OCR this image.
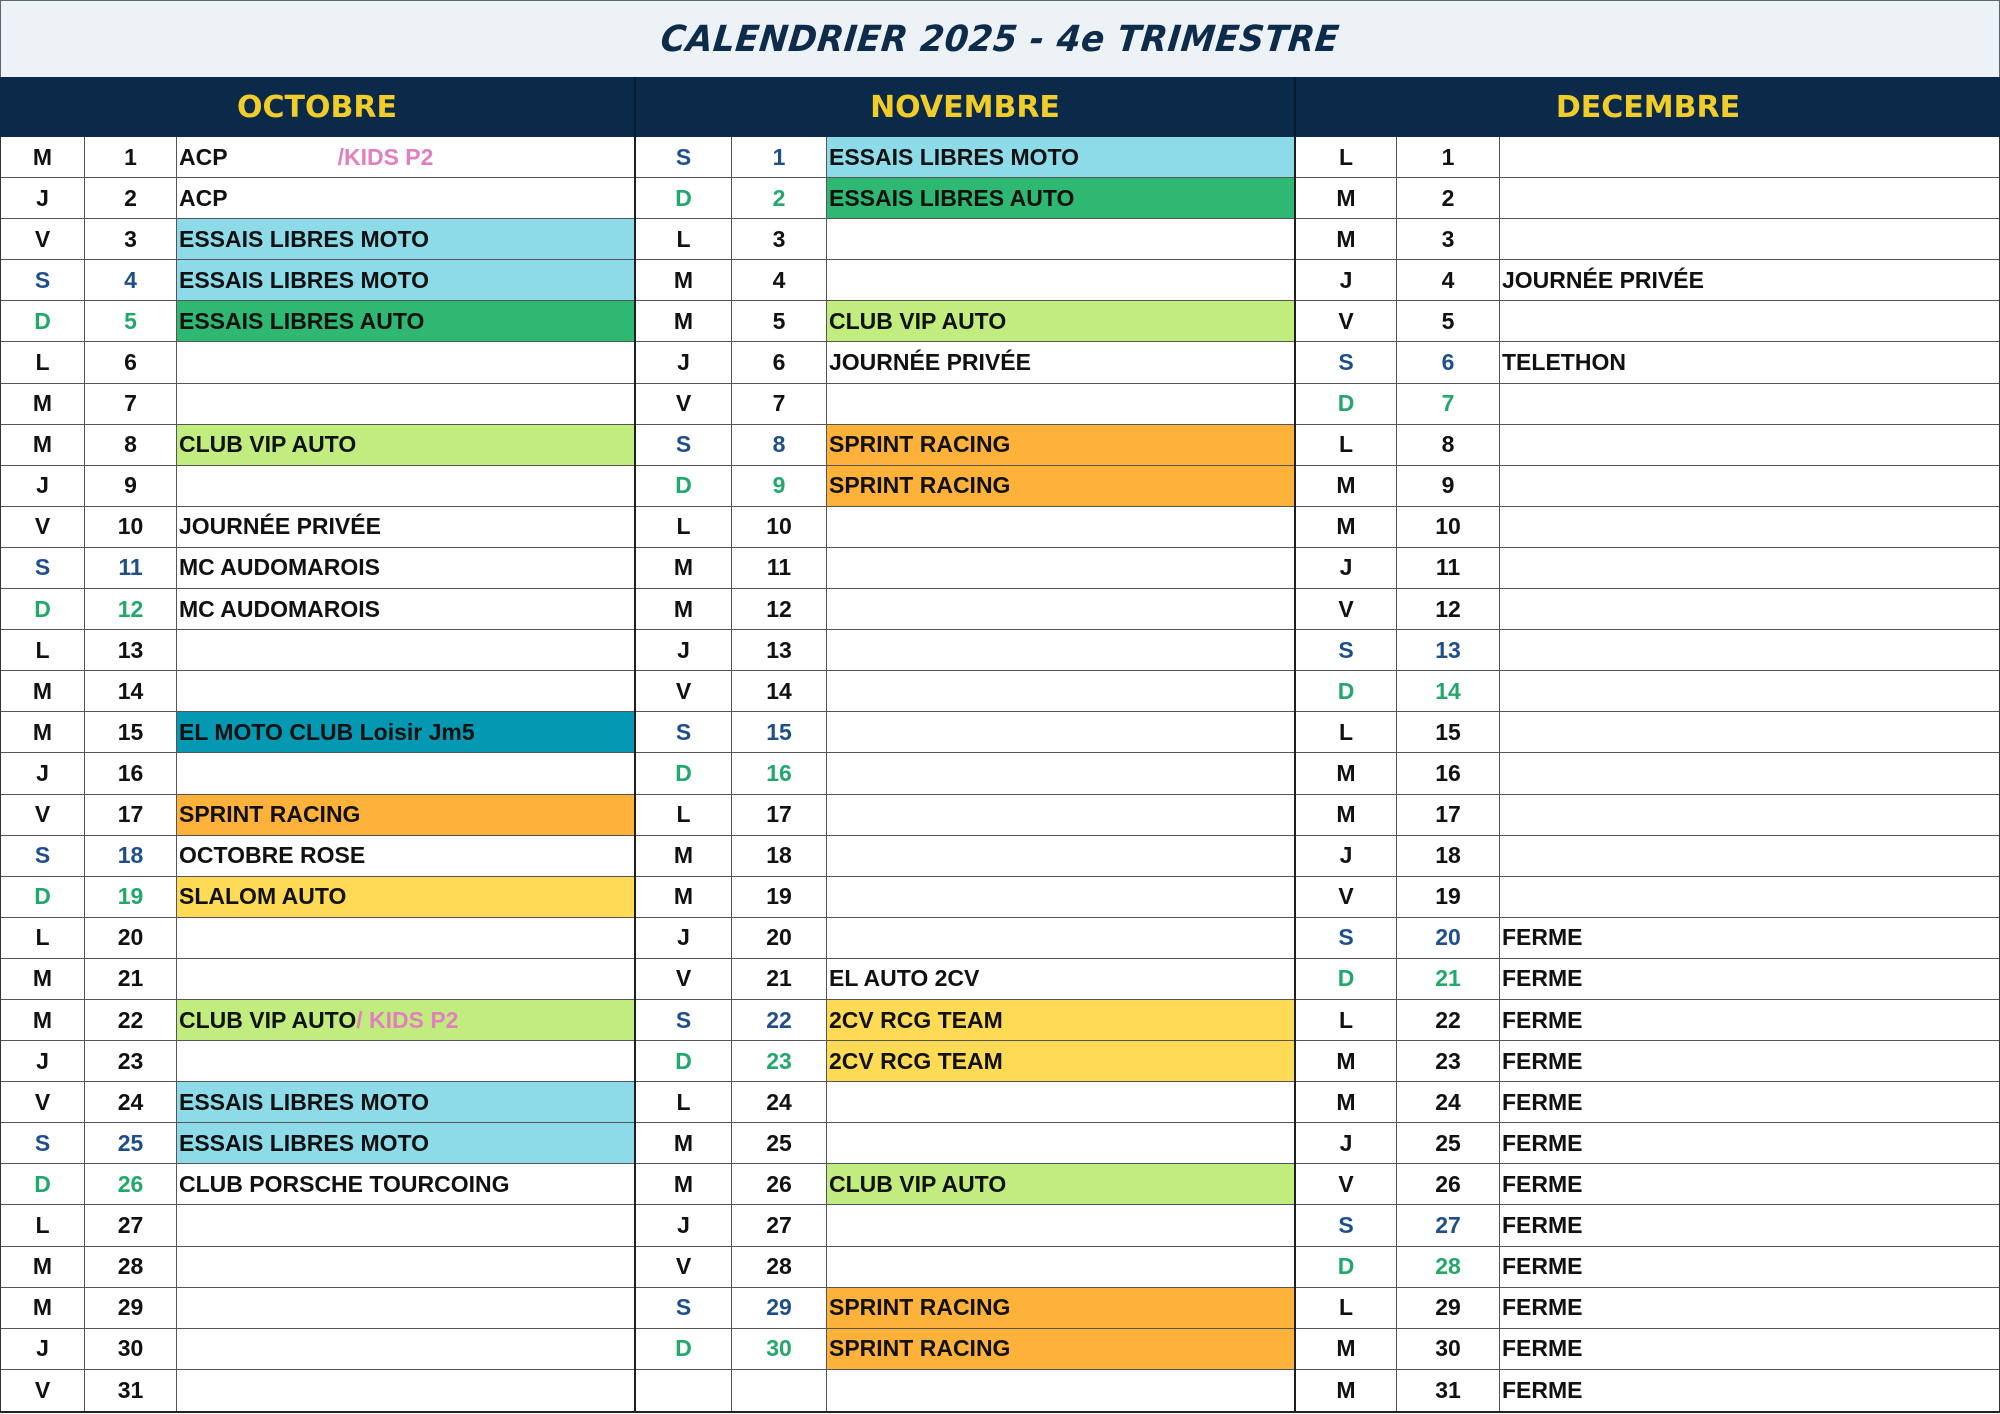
CALENDRIER 2025 - 4e TRIMESTRE
OCTOBRE	NOVEMBRE	DECEMBRE
M	1	ACP	/KIDS P2
J	2	ACP
V	3	ESSAIS LIBRES MOTO
S	4	ESSAIS LIBRES MOTO
D	5	ESSAIS LIBRES AUTO
L	6
M	7
M	8	CLUB VIP AUTO
J	9
V	10	JOURNÉE PRIVÉE
S	11	MC AUDOMAROIS
D	12	MC AUDOMAROIS
L	13
M	14
M	15	EL MOTO CLUB Loisir Jm5
J	16
V	17	SPRINT RACING
S	18	OCTOBRE ROSE
D	19	SLALOM AUTO
L	20
M	21
M	22	CLUB VIP AUTO / KIDS P2
J	23
V	24	ESSAIS LIBRES MOTO
S	25	ESSAIS LIBRES MOTO
D	26	CLUB PORSCHE TOURCOING
L	27
M	28
M	29
J	30
V	31
S	1	ESSAIS LIBRES MOTO
D	2	ESSAIS LIBRES AUTO
L	3
M	4
M	5	CLUB VIP AUTO
J	6	JOURNÉE PRIVÉE
V	7
S	8	SPRINT RACING
D	9	SPRINT RACING
L	10
M	11
M	12
J	13
V	14
S	15
D	16
L	17
M	18
M	19
J	20
V	21	EL AUTO 2CV
S	22	2CV RCG TEAM
D	23	2CV RCG TEAM
L	24
M	25
M	26	CLUB VIP AUTO
J	27
V	28
S	29	SPRINT RACING
D	30	SPRINT RACING
L	1
M	2
M	3
J	4	JOURNÉE PRIVÉE
V	5
S	6	TELETHON
D	7
L	8
M	9
M	10
J	11
V	12
S	13
D	14
L	15
M	16
M	17
J	18
V	19
S	20	FERME
D	21	FERME
L	22	FERME
M	23	FERME
M	24	FERME
J	25	FERME
V	26	FERME
S	27	FERME
D	28	FERME
L	29	FERME
M	30	FERME
M	31	FERME
